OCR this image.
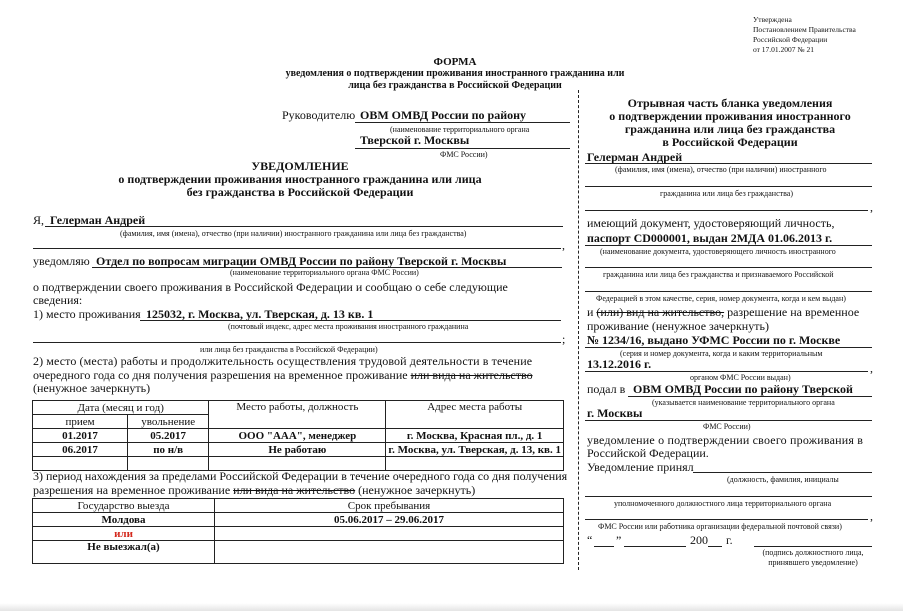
Утверждена
Постановлением Правительства
Российской Федерации
от 17.01.2007 № 21
ФОРМА
уведомления о подтверждении проживания иностранного гражданина или
лица без гражданства в Российской Федерации
Руководителю ОВМ ОМВД России по району
(наименование территориального органа
Тверской г. Москвы
ФМС России)
УВЕДОМЛЕНИЕ
о подтверждении проживания иностранного гражданина или лица
без гражданства в Российской Федерации
Я, Гелерман Андрей
(фамилия, имя (имена), отчество (при наличии) иностранного гражданина или лица без гражданства)
,
уведомляю Отдел по вопросам миграции ОМВД России по району Тверской г. Москвы
(наименование территориального органа ФМС России)
о подтверждении своего проживания в Российской Федерации и сообщаю о себе следующие
сведения:
1) место проживания 125032, г. Москва, ул. Тверская, д. 13 кв. 1
(почтовый индекс, адрес места проживания иностранного гражданина
;
или лица без гражданства в Российской Федерации)
2) место (места) работы и продолжительность осуществления трудовой деятельности в течение
очередного года со дня получения разрешения на временное проживание или вида на жительство
(ненужное зачеркнуть)
Дата (месяц и год)		Место работы, должность	Адрес места работы
прием	увольнение		
01.2017	05.2017	ООО "ААА", менеджер	г. Москва, Красная пл., д. 1
06.2017	по н/в	Не работаю	г. Москва, ул. Тверская, д. 13, кв. 1

3) период нахождения за пределами Российской Федерации в течение очередного года со дня получения
разрешения на временное проживание или вида на жительство (ненужное зачеркнуть)
Государство выезда	Срок пребывания
Молдова	05.06.2017 – 29.06.2017
или	
Не выезжал(а)	
Отрывная часть бланка уведомления
о подтверждении проживания иностранного
гражданина или лица без гражданства
в Российской Федерации
Гелерман Андрей
(фамилия, имя (имена), отчество (при наличии) иностранного
гражданина или лица без гражданства)
,
имеющий документ, удостоверяющий личность,
паспорт СD000001, выдан 2МДА 01.06.2013 г.
(наименование документа, удостоверяющего личность иностранного
гражданина или лица без гражданства и признаваемого Российской
Федерацией в этом качестве, серия, номер документа, когда и кем выдан)
и (или) вид на жительство, разрешение на временное
проживание (ненужное зачеркнуть)
№ 1234/16, выдано УФМС России по г. Москве
(серия и номер документа, когда и каким территориальным
13.12.2016 г.	,
органом ФМС России выдан)
подал в ОВМ ОМВД России по району Тверской
(указывается наименование территориального органа
г. Москвы
ФМС России)
уведомление о подтверждении своего проживания в
Российской Федерации.
Уведомление принял
(должность, фамилия, инициалы
уполномоченного должностного лица территориального органа
,
ФМС России или работника организации федеральной почтовой связи)
“ ”	200 г.
(подпись должностного лица,
принявшего уведомление)
